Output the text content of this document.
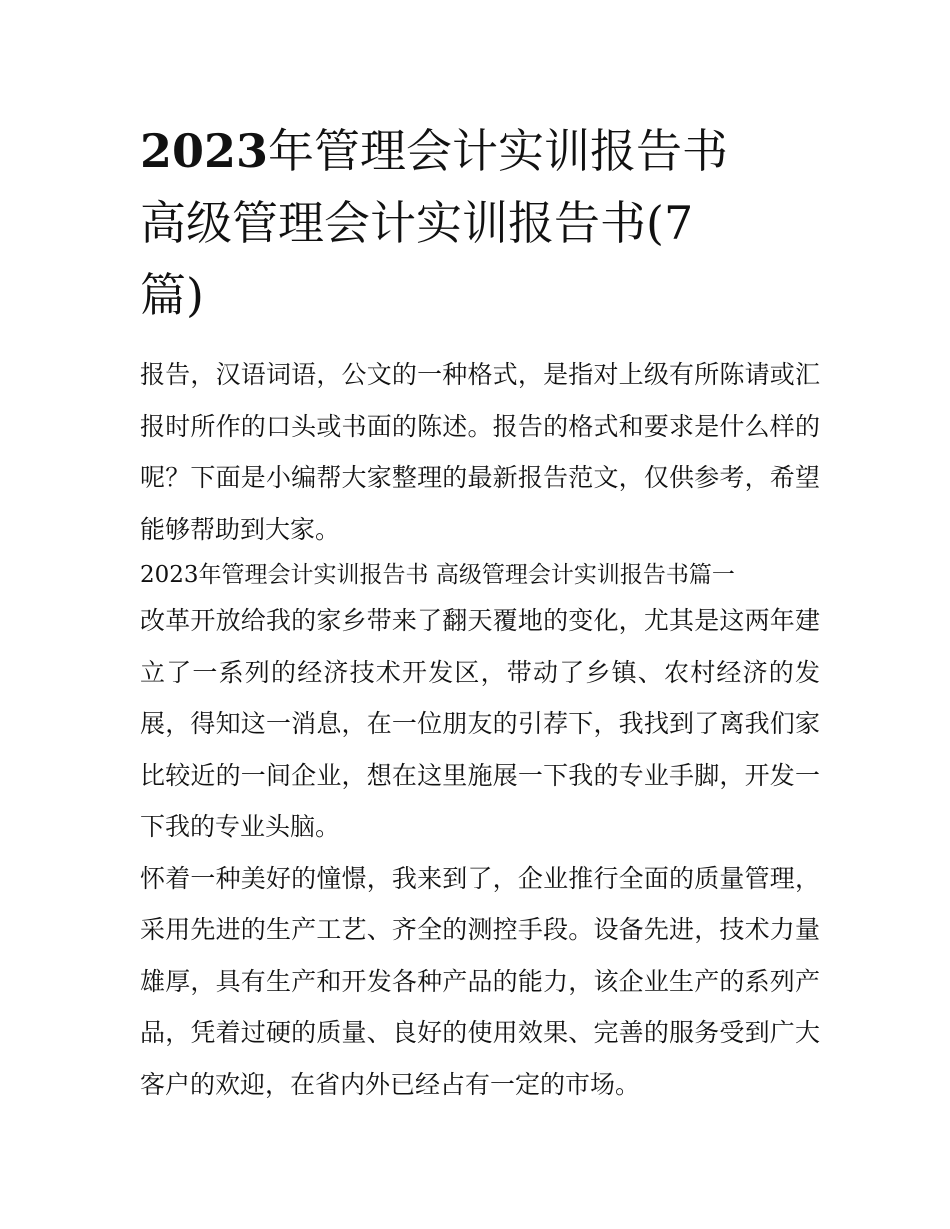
2023年管理会计实训报告书 高级管理会计实训报告书(7篇)

报告，汉语词语，公文的一种格式，是指对上级有所陈请或汇报时所作的口头或书面的陈述。报告的格式和要求是什么样的呢？下面是小编帮大家整理的最新报告范文，仅供参考，希望能够帮助到大家。

2023年管理会计实训报告书 高级管理会计实训报告书篇一

改革开放给我的家乡带来了翻天覆地的变化，尤其是这两年建立了一系列的经济技术开发区，带动了乡镇、农村经济的发展，得知这一消息，在一位朋友的引荐下，我找到了离我们家比较近的一间企业，想在这里施展一下我的专业手脚，开发一下我的专业头脑。

怀着一种美好的憧憬，我来到了，企业推行全面的质量管理，采用先进的生产工艺、齐全的测控手段。设备先进，技术力量雄厚，具有生产和开发各种产品的能力，该企业生产的系列产品，凭着过硬的质量、良好的使用效果、完善的服务受到广大客户的欢迎，在省内外已经占有一定的市场。
